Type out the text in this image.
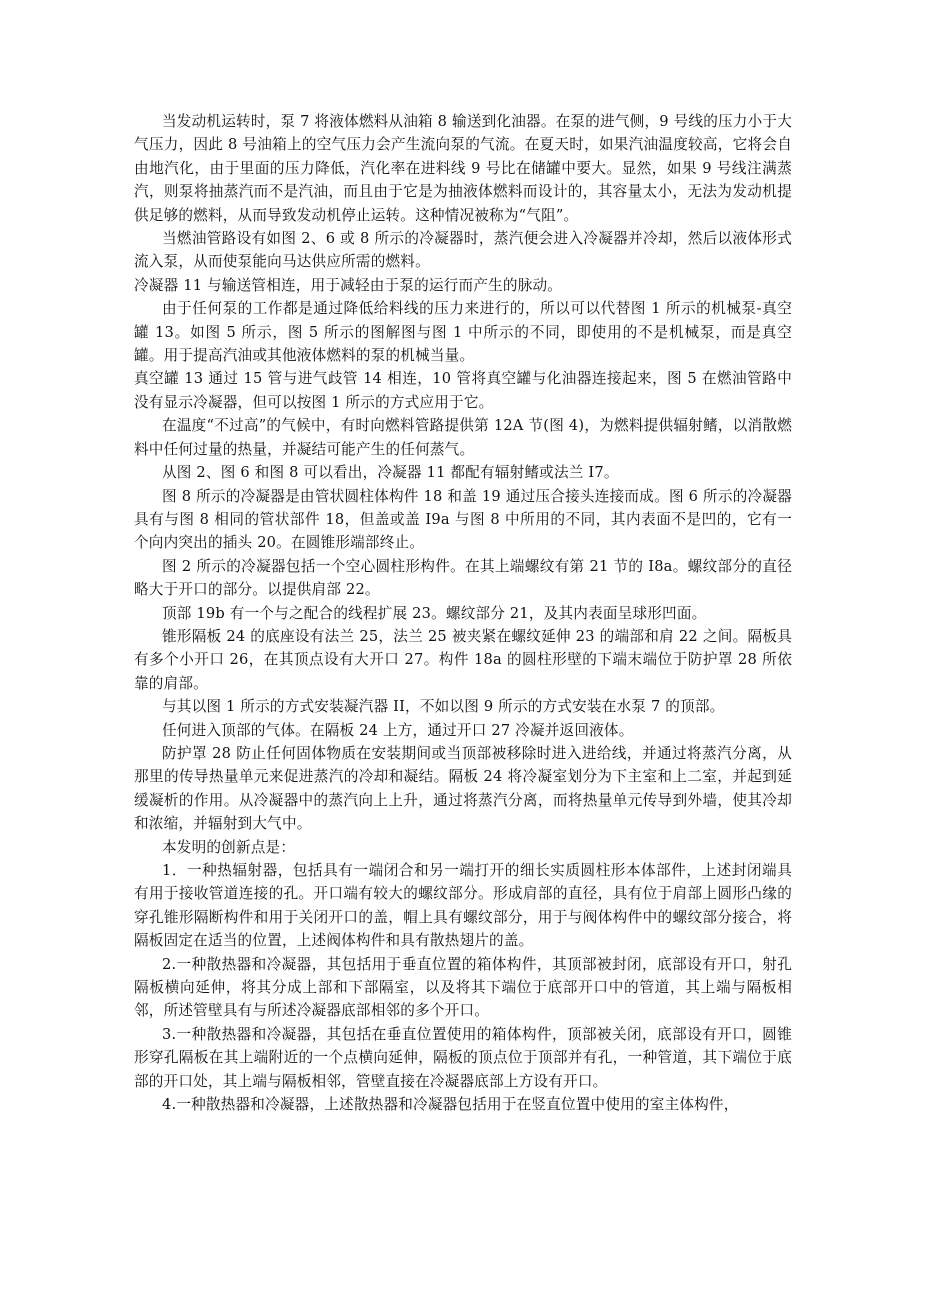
当发动机运转时，泵 7 将液体燃料从油箱 8 输送到化油器。在泵的进气侧，9 号线的压力小于大气压力，因此 8 号油箱上的空气压力会产生流向泵的气流。在夏天时，如果汽油温度较高，它将会自由地汽化，由于里面的压力降低，汽化率在进料线 9 号比在储罐中要大。显然，如果 9 号线注满蒸汽，则泵将抽蒸汽而不是汽油，而且由于它是为抽液体燃料而设计的，其容量太小，无法为发动机提供足够的燃料，从而导致发动机停止运转。这种情况被称为“气阻”。

当燃油管路设有如图 2、6 或 8 所示的冷凝器时，蒸汽便会进入冷凝器并冷却，然后以液体形式流入泵，从而使泵能向马达供应所需的燃料。

冷凝器 11 与输送管相连，用于减轻由于泵的运行而产生的脉动。

由于任何泵的工作都是通过降低给料线的压力来进行的，所以可以代替图 1 所示的机械泵-真空罐 13。如图 5 所示，图 5 所示的图解图与图 1 中所示的不同，即使用的不是机械泵，而是真空罐。用于提高汽油或其他液体燃料的泵的机械当量。

真空罐 13 通过 15 管与进气歧管 14 相连，10 管将真空罐与化油器连接起来，图 5 在燃油管路中没有显示冷凝器，但可以按图 1 所示的方式应用于它。

在温度“不过高”的气候中，有时向燃料管路提供第 12A 节(图 4)，为燃料提供辐射鳍，以消散燃料中任何过量的热量，并凝结可能产生的任何蒸气。

从图 2、图 6 和图 8 可以看出，冷凝器 11 都配有辐射鳍或法兰 I7。

图 8 所示的冷凝器是由管状圆柱体构件 18 和盖 19 通过压合接头连接而成。图 6 所示的冷凝器具有与图 8 相同的管状部件 18，但盖或盖 I9a 与图 8 中所用的不同，其内表面不是凹的，它有一个向内突出的插头 20。在圆锥形端部终止。

图 2 所示的冷凝器包括一个空心圆柱形构件。在其上端螺纹有第 21 节的 I8a。螺纹部分的直径略大于开口的部分。以提供肩部 22。

顶部 19b 有一个与之配合的线程扩展 23。螺纹部分 21，及其内表面呈球形凹面。

锥形隔板 24 的底座设有法兰 25，法兰 25 被夹紧在螺纹延伸 23 的端部和肩 22 之间。隔板具有多个小开口 26，在其顶点设有大开口 27。构件 18a 的圆柱形壁的下端末端位于防护罩 28 所依靠的肩部。

与其以图 1 所示的方式安装凝汽器 II，不如以图 9 所示的方式安装在水泵 7 的顶部。

任何进入顶部的气体。在隔板 24 上方，通过开口 27 冷凝并返回液体。

防护罩 28 防止任何固体物质在安装期间或当顶部被移除时进入进给线，并通过将蒸汽分离，从那里的传导热量单元来促进蒸汽的冷却和凝结。隔板 24 将冷凝室划分为下主室和上二室，并起到延缓凝析的作用。从冷凝器中的蒸汽向上上升，通过将蒸汽分离，而将热量单元传导到外墙，使其冷却和浓缩，并辐射到大气中。

本发明的创新点是：

1．一种热辐射器，包括具有一端闭合和另一端打开的细长实质圆柱形本体部件，上述封闭端具有用于接收管道连接的孔。开口端有较大的螺纹部分。形成肩部的直径，具有位于肩部上圆形凸缘的穿孔锥形隔断构件和用于关闭开口的盖，帽上具有螺纹部分，用于与阀体构件中的螺纹部分接合，将隔板固定在适当的位置，上述阀体构件和具有散热翅片的盖。

2.一种散热器和冷凝器，其包括用于垂直位置的箱体构件，其顶部被封闭，底部设有开口，射孔隔板横向延伸，将其分成上部和下部隔室，以及将其下端位于底部开口中的管道，其上端与隔板相邻，所述管壁具有与所述冷凝器底部相邻的多个开口。

3.一种散热器和冷凝器，其包括在垂直位置使用的箱体构件，顶部被关闭，底部设有开口，圆锥形穿孔隔板在其上端附近的一个点横向延伸，隔板的顶点位于顶部并有孔，一种管道，其下端位于底部的开口处，其上端与隔板相邻，管壁直接在冷凝器底部上方设有开口。

4.一种散热器和冷凝器，上述散热器和冷凝器包括用于在竖直位置中使用的室主体构件，
